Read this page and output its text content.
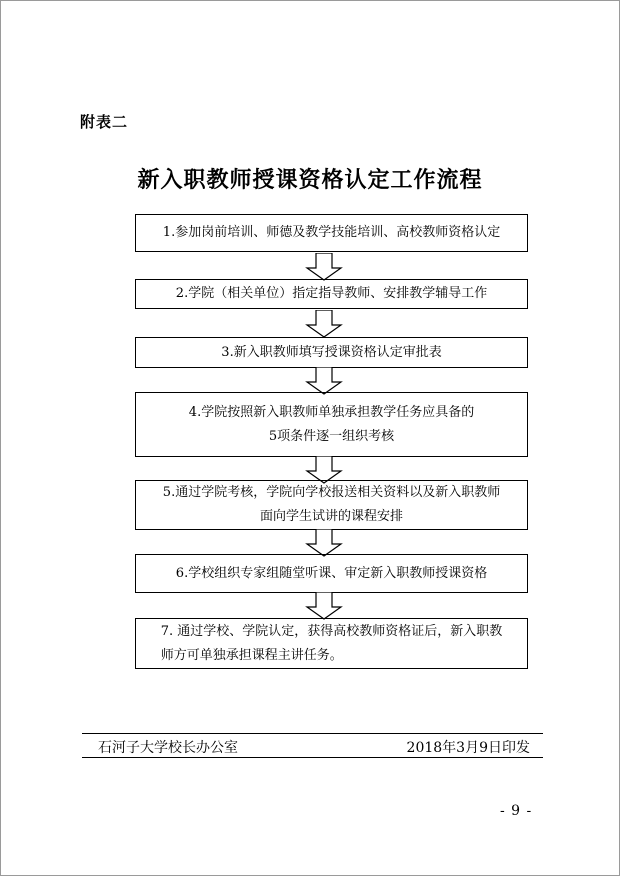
附表二
新入职教师授课资格认定工作流程
1.参加岗前培训、师德及教学技能培训、高校教师资格认定
2.学院（相关单位）指定指导教师、安排教学辅导工作
3.新入职教师填写授课资格认定审批表
4.学院按照新入职教师单独承担教学任务应具备的
5项条件逐一组织考核
5.通过学院考核，学院向学校报送相关资料以及新入职教师
面向学生试讲的课程安排
6.学校组织专家组随堂听课、审定新入职教师授课资格
7. 通过学校、学院认定，获得高校教师资格证后，新入职教
师方可单独承担课程主讲任务。
石河子大学校长办公室	2018年3月9日印发
- 9 -
